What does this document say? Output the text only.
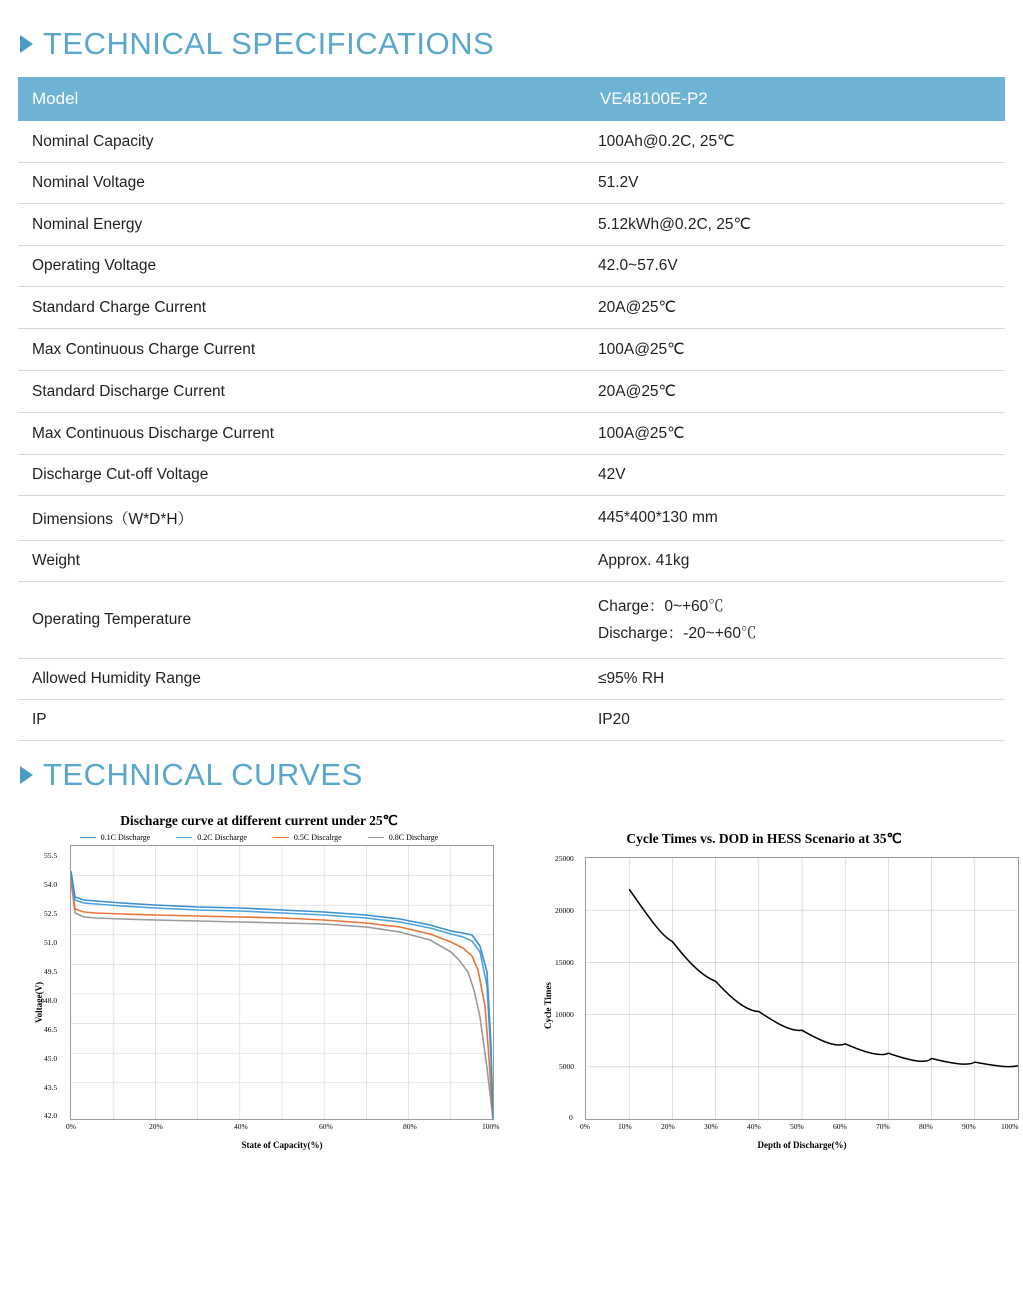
TECHNICAL SPECIFICATIONS
Model	VE48100E-P2
Nominal Capacity	100Ah@0.2C, 25℃
Nominal Voltage	51.2V
Nominal Energy	5.12kWh@0.2C, 25℃
Operating Voltage	42.0~57.6V
Standard Charge Current	20A@25℃
Max Continuous Charge Current	100A@25℃
Standard Discharge Current	20A@25℃
Max Continuous Discharge Current	100A@25℃
Discharge Cut-off Voltage	42V
Dimensions（W*D*H）	445*400*130 mm
Weight	Approx. 41kg
Operating Temperature	Charge：0~+60℃
Discharge：-20~+60℃

Allowed Humidity Range	≤95% RH
IP	IP20
TECHNICAL CURVES
Discharge curve at different current under 25℃
0.1C Discharge	0.2C Discharge	0.5C Discalrge	0.8C Discharge
Voltage(V)
55.5
54.0
52.5
51.0
49.5
48.0
46.5
45.0
43.5
42.0
0%	20%	40%	60%	80%	100%
State of Capacity(%)
Cycle Times vs. DOD in HESS Scenario at 35℃
Cycle Times
25000
20000
15000
10000
5000
0
0%	10%	20%	30%	40%	50%	60%	70%	80%	90%	100%
Depth of Discharge(%)
